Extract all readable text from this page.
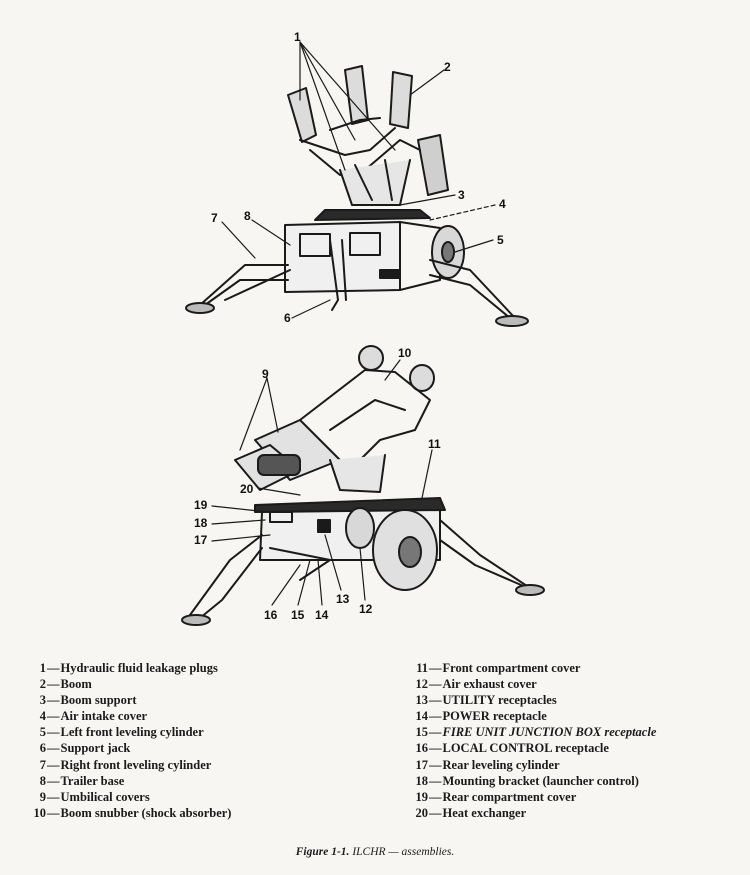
1
2
3
4
5
6
7 8
9
10
11
12
13
14
15
16
17
18
19
20
1—Hydraulic fluid leakage plugs
2—Boom
3—Boom support
4—Air intake cover
5—Left front leveling cylinder
6—Support jack
7—Right front leveling cylinder
8—Trailer base
9—Umbilical covers
10—Boom snubber (shock absorber)
11—Front compartment cover
12—Air exhaust cover
13—UTILITY receptacles
14—POWER receptacle
15—FIRE UNIT JUNCTION BOX receptacle
16—LOCAL CONTROL receptacle
17—Rear leveling cylinder
18—Mounting bracket (launcher control)
19—Rear compartment cover
20—Heat exchanger
Figure 1-1. ILCHR — assemblies.
